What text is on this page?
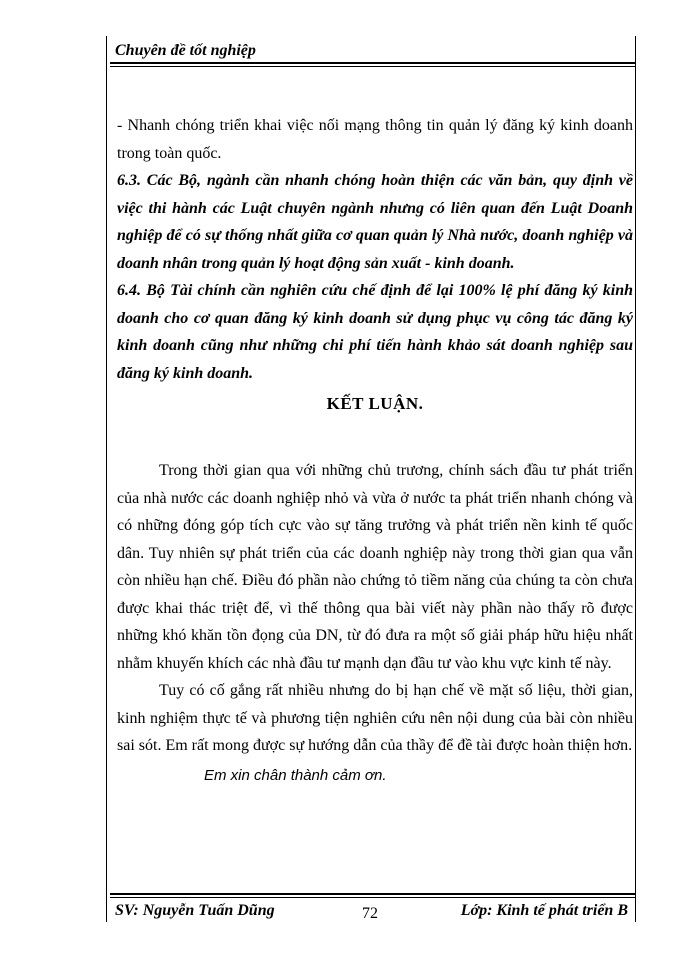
Chuyên đề tốt nghiệp

- Nhanh chóng triển khai việc nối mạng thông tin quản lý đăng ký kinh doanh trong toàn quốc.

6.3. Các Bộ, ngành cần nhanh chóng hoàn thiện các văn bản, quy định về việc thi hành các Luật chuyên ngành nhưng có liên quan đến Luật Doanh nghiệp để có sự thống nhất giữa cơ quan quản lý Nhà nước, doanh nghiệp và doanh nhân trong quản lý hoạt động sản xuất - kinh doanh.

6.4. Bộ Tài chính cần nghiên cứu chế định để lại 100% lệ phí đăng ký kinh doanh cho cơ quan đăng ký kinh doanh sử dụng phục vụ công tác đăng ký kinh doanh cũng như những chi phí tiến hành khảo sát doanh nghiệp sau đăng ký kinh doanh.

KẾT LUẬN.

Trong thời gian qua với những chủ trương, chính sách đầu tư phát triển của nhà nước các doanh nghiệp nhỏ và vừa ở nước ta phát triển nhanh chóng và có những đóng góp tích cực vào sự tăng trưởng và phát triển nền kinh tế quốc dân. Tuy nhiên sự phát triển của các doanh nghiệp này trong thời gian qua vẫn còn nhiều hạn chế. Điều đó phần nào chứng tỏ tiềm năng của chúng ta còn chưa được khai thác triệt để, vì thế thông qua bài viết này phần nào thấy rõ được những khó khăn tồn đọng của DN, từ đó đưa ra một số giải pháp hữu hiệu nhất nhằm khuyến khích các nhà đầu tư mạnh dạn đầu tư vào khu vực kinh tế này.

Tuy có cố gắng rất nhiều nhưng do bị hạn chế về mặt số liệu, thời gian, kinh nghiệm thực tế và phương tiện nghiên cứu nên nội dung của bài còn nhiều sai sót. Em rất mong được sự hướng dẫn của thầy để đề tài được hoàn thiện hơn.

Em xin chân thành cảm ơn.
SV: Nguyễn Tuấn Dũng	72	Lớp: Kinh tế phát triển B
